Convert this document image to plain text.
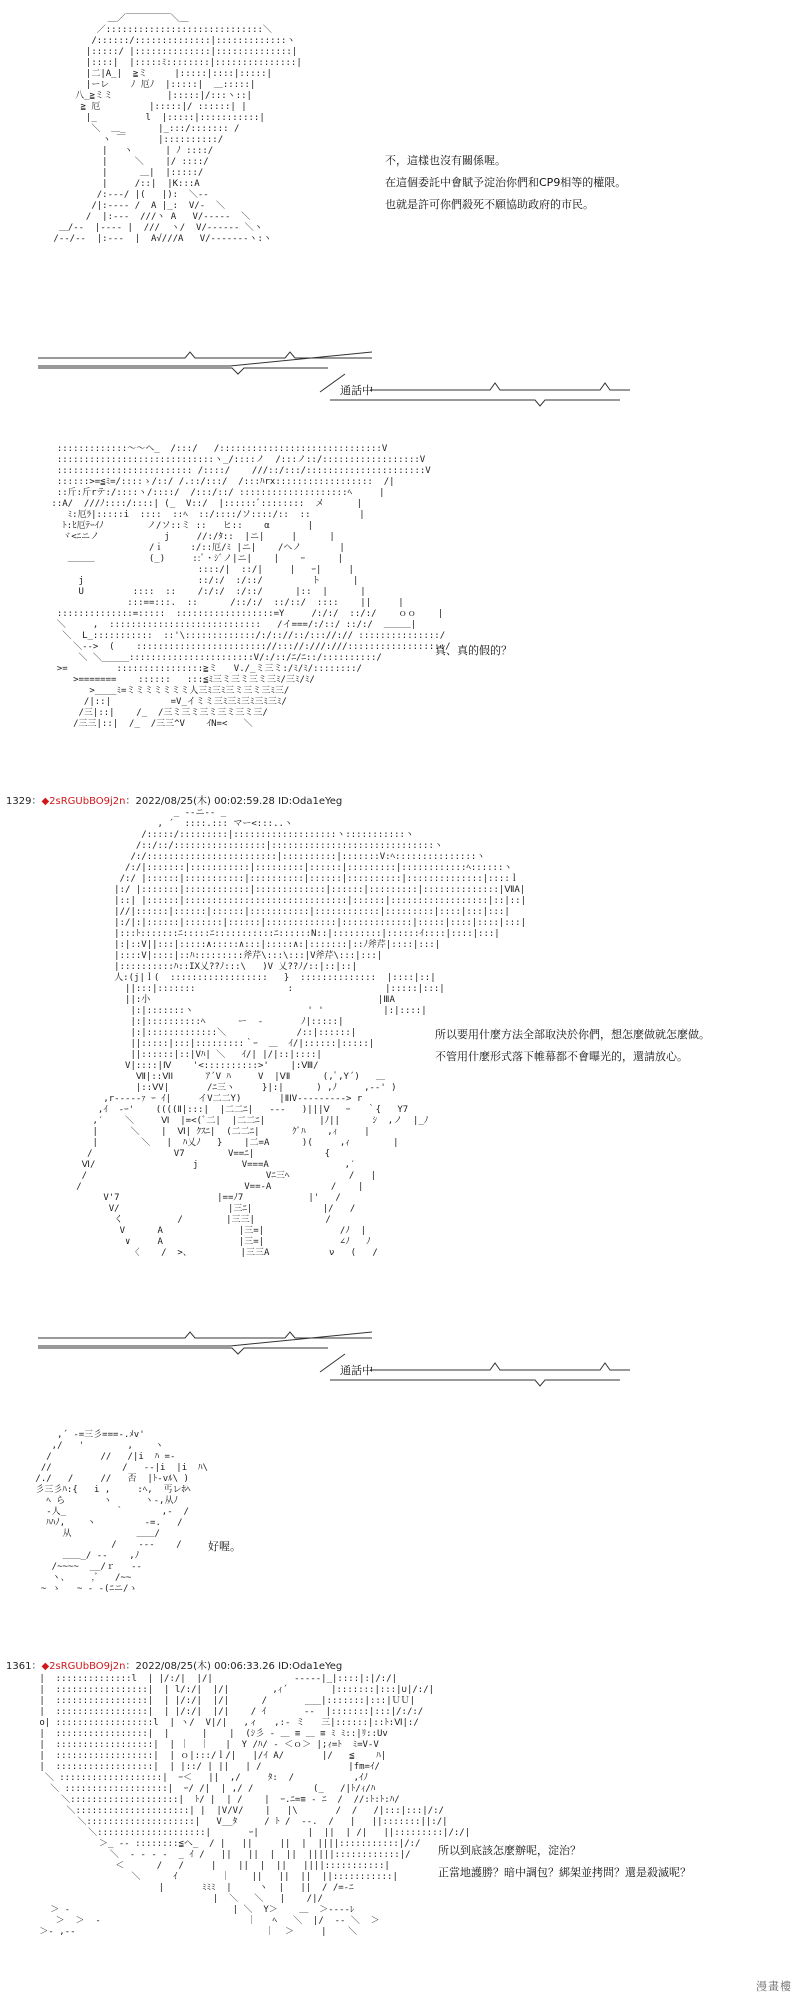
＿／￣￣￣￣￣＼＿
／:::::::::::::::::::::::::::::＼
/::::::/::::::::::::::|:::::::::::::ヽ
|:::::/ |::::::::::::::|::::::::::::::|
|::::|  |:::::ﾐ::::::::|:::::::::::::::|
|二|A_|  ≧ミ     |:::::|::::|:::::|
|ーレ    ﾉ 厄ﾉ  |:::::|  ＿:::::|
八_≧ミミ          |:::::|/:::ヽ::|
≧ 厄         |:::::|/ ::::::| |
|_         l  |:::::|:::::::::::|
＼  ＿_      |_:::/::::::: /
ヽ ￣      |::::::::::/
|   ヽ      | ﾉ ::::/
|     ＼    |/ ::::/
|      ＿|  |:::::/
|     /::|  |K:::A
/:---/ |(   |):  ＼--
/|:---- /  A |_:  V/-  ＼
/  |:---  ///ヽ A   V/-----  ＼
＿/--  |---- |  ///  ヽ/  V/------ ＼ヽ
/--/--  |:---  |  A√///A   V/-------ヽ:ヽ
不，這樣也沒有關係喔。
在這個委託中會賦予淀治你們和CP9相等的權限。
也就是許可你們殺死不願協助政府的市民。
通話中
:::::::::::::～～ヘ_  /:::/   /::::::::::::::::::::::::::::::V
:::::::::::::::::::::::::::::ヽ_/::::ノ  /:::ノ::/::::::::::::::::::V
::::::::::::::::::::::::: /::::/    ///::/:::/::::::::::::::::::::::V
::::::>=≦ﾐ=/::::ゝ/::/ /.::/:::/  /:::ﾊrx::::::::::::::::::  /|
::斤:斤rテ:/::::ヽ/::::/  /:::/::/ ::::::::::::::::::::ﾍ     |
::A/  ///ﾉ::::/::::| (_  V::/  |::::::ﾞ::::::::  メ      |
ﾐ:厄ﾗ|:::::i  ::::  ::ﾍ  ::/::::/ソ::::/::  ::         |
ﾄ:ﾋ厄ﾃｰｲﾉ        ノ/ソ::ミ ::   ヒ::    α       |
ヾ<ﾆニノ            j     //:/ﾀ::  |ニ|     |      |
/ｉ     :/::厄/ﾐ |ニ|    /ヘノ       |
＿＿＿          (_)     ::ﾟ・ｼﾞノ|ニ|    |    ｰ      |
::::/|  ::/|     |   ｰ|     |
j                     ::/:/  :/::/         ト      |
U         ::::  ::    /:/:/  :/::/      |::  |      |
:::==:::.  ::      /::/:/  ::/::/  ::::    ||     |
::::::::::::::=:::::  ::::::::::::::::::=Y     /:/:/  ::/:/    ｏｏ    |
＼     ,  ::::::::::::::::::::::::::::   /イ===/:/::/ ::/:/  ＿＿＿|
＼  L_:::::::::::  ::'\:::::::::::::/:/:://::/::://:// :::::::::::::::/
＼-->  (    :::::::::::::::::::::::://::://:///:///::::::::::::::::::/
＼ ＼_____:::::::::::::::::::::::V/:/::/ﾆ/ﾆ::/::::::::::/
>=         ::::::::::::::::≧ミ   V./_ミ三ミ:/ﾐ/ﾐ/::::::::/
>=======    ::::::   :::≦ﾐ三ミ三ミ三ミ三ﾐ/三ﾐ/ﾐ/
>____ﾐ=ミミミミミミミ人三ﾐ三ﾐ三ミ三ミ三ﾐ三/
/|::|           =V_イミミ三ﾐ三ﾐ三ﾐ三ﾐ三ﾐ/
/三|::|    /_  /三ミ三ミ三ミ三ミ三ミ三/
/三三|::|  /_  /三三^V    ｲN=<   ＼
真、真的假的？
1329：◆2sRGUbBO9j2n：2022/08/25(木) 00:02:59.28 ID:Oda1eYeg
_ -‐ニ‐- _
, ´  ::::.::: マー<:::..ヽ
/:::::/:::::::::|:::::::::::::::::::ヽ:::::::::::ヽ
/::/::/:::::::::::::::::|::::::::::::::::::::::::::::::ヽ
/:/::::::::::::::::::::::::|::::::::::|:::::::V:ﾍ:::::::::::::::ヽ
/:/|:::::::|:::::::::::|:::::::::|::::::|:::::::::|::::::::::::ﾍ::::::ヽ
/:/ |::::::|:::::::::::|::::::::::|::::::|::::::::::|::::::::::::::|::::ｌ
|:/ |:::::::|::::::::::::|:::::::::::::|::::::|:::::::::|::::::::::::::|ⅦA|
|::| |::::::|::::::::::::::::::::::::::::::|::::::|::::::::::::::::::|::|::|
|//|::::::|::::::|::::::|:::::::::::|::::::::::::|:::::::::|::::|:::|:::|
|:/|:|::::::|:::::::|::::::|:::::::::::::|:::::::::::::|:::::|::::|::::|:::|
|:::ﾄ:::::::ﾆ:::::ﾆ:::::::::::ﾆ::::::N::|:::::::::|::::::ｲ::::|::::|:::|
|:|::V||:::|:::::∧:::::∧:::|:::::∧:|:::::::|::ﾉ斧芹|::::|:::|
|::::V|::::|::ﾊ:::::::::斧芹\:::\:::|V斧芹\:::|:::|
|::::::::::ﾊ::IX乂??ﾉ:::\   )V 乂??ﾉ/::|::|::|
人:(j|ｌ(  ::::::::::::::::::   }  ::::::::::::::  |::::|::|
||:::|:::::::                 :                 |:::::|:::|
||:小                                          |ⅢA
|:|:::::::ヽ                     ' '           |:|::::|
|:|::::::::::ﾍ      ー  ‐       ﾉ|:::::|
|:|:::::::::::::＼             /::|::::::|
||:::::|:::|:::::::::｀ｰ  ＿  ｲ/|::::::|:::::|
||::::::|::|Vﾊ| ＼   ｲ/| |/|::|::::|
V|::::|Ⅳ    '<::::::::::>'    |:Ⅷ/
Ⅶ|::ⅥⅠ      ｱ´V ﾊ     V  |ⅤⅡ      (,ﾟ,Y´)   ＿
|::ⅤV|       /ﾆ三ヽ     }|:|      ) ,ﾉ     ,-‐' )
,r-‐‐‐‐ｧ ｰ ｲ|     イV二二Y)       |ⅡⅠV‐‐‐‐‐‐‐--> r
,ｲ  -ｰ'    ((((Ⅱ|:::|  |二二ﾆ|   ‐‐‐   )|||Ⅴ   ｰ   ｀{   Y7
,′    ＼     Ⅵ  |=<(ﾞ二|  |二二ﾆ|          |ﾉ||      ｼ  ,ノ  |_ﾉ
|      ＼    |  Ⅵ| ｸｽﾆ|  (二二ﾆ|      ｸﾞﾊ    ,ｨ     |
|        ＼   |  ﾊ乂ﾉ   }    |二=A      )(     ,ｨ        |
/               V7        V==ﾆ|             {
Ⅵ/                  j        V===A              ,′
/                                 Vﾆ三ﾍ           /   |
/                              V==-A           /    |
V'7                  |==ﾉ7            |'   /
V/                    |三ﾆ|             |/   /
く          /        |三三|             /
V      A              |三=|              /ﾉ  |
∨     A              |三=|              ∠ﾉ   ﾉ
〈    /  >、         |三三A           ν   (   /
所以要用什麼方法全部取決於你們，想怎麼做就怎麼做。
不管用什麼形式落下帷幕都不會曝光的，還請放心。
通話中
,´ ‐=三彡===-.ﾒv'
,/   '        ,    ヽ
/         //   /|i  ﾊ =-
//             /   --|i  |i  ﾊ\
/./   /     //   否  |ﾄ‐vﾙ\ )
彡三彡ﾊ:{   i ,     :ﾍ,  丐レﾎﾍ
ﾍ ら       ヽ      ヽ‐,从ﾉ
-人_         ｀       ,-  /
ﾊﾊﾉ,    ヽ         -=.   /
从            ＿＿/
/    ---    /
＿＿_/ ‐‐    ,ﾉ
/~~~~  __/ｒ   ‐‐
ヽ、    ,ﾞ   /~~
~ ゝ   ~ ‐ ‐(ﾆニ/ゝ
好喔。
1361：◆2sRGUbBO9j2n：2022/08/25(木) 00:06:33.26 ID:Oda1eYeg
|  ::::::::::::::l  | |/:/|  |/|               ‐‐‐‐‐|_|::::|:|/:/|
|  :::::::::::::::::|  | l/:/|  |/|        ,ｨ´        |:::::::|:::|∪|/:/|
|  :::::::::::::::::|  | |/:/|  |/|      /       ___|:::::::|:::|ＵＵ|
|  :::::::::::::::::|  | |/:/|  |/|    / ｲ       ‐‐  |:::::::|:::|/:/:/
o| ::::::::::::::::::l  | ヽ/  V|/|   ,ィ   ,:‐ ミ   三|::::::|::ﾄ:Ⅵ|:/
|  :::::::::::::::::|  |      |    |  (ｼ彡 ‐ ＿ ≡ ＿ ≡ ﾐ ﾐ::|ﾘ::Uv
|  ::::::::::::::::::|  | ｜  ｜   |  Y /ﾊ/ ‐ ＜ｏ＞ |;ｨ=ﾄ  ﾐ=V-V
|  ::::::::::::::::::|  | ｏ|:::/ｌ/|   |/ｲ A/       |/   ≦    ﾊ|
|  ::::::::::::::::::|  | |::/ | ||   | /                |fm=ｲ/
＼ :::::::::::::::::::|  ｰ＜   ||  ,/     ﾀ:  /           ,ｲﾉ
＼ :::::::::::::::::::|  ｰ/ /|  | ,/ /           (_   /|ﾄ/ｨ/ﾊ
＼::::::::::::::::::::|  ﾄ/ |  | /    |  ｰ.ﾆ=≡ ‐ ﾆ  /  //:ﾄ:ﾄ:ﾊ/
＼:::::::::::::::::::::| |  |V/V/    |   |\       /  /   /|:::|:::|/:/
＼::::::::::::::::::::|   V__ﾀ     / ﾄ /  ‐‐.  /   |   ||:::::::||:/|
＼::::::::::::::::::::|       ｰ|         |  ||  | /|   ||:::::::::|/:/|
＞_ ‐‐ ::::::::≦ヘ_  / |   ||     ||  |  ||||:::::::::::|/:/
＼  ‐ ‐ ‐ ‐  _ ｲ /   ||   ||  |  ||  |||||::::::::::::|/
＜      /   /     |    ||  |  ||   ||||:::::::::::|
＼      ｲ        ｜    ||   ||  ||  ||:::::::::::|
|       ﾐﾐﾐ  |     ヽ  |   ||  / /=‐ﾆ
|  ＼   ＼   |    /|/
＞ ‐                              | ＼  Y＞    ＿  ＞‐‐‐‐ﾚ
＞  ＞  ‐                           ｜   ﾍ   ＼  |/  ‐‐ ＼  ＞
＞‐ ,‐‐                                   ｜  ＞     |    ＼
所以到底該怎麼辦呢，淀治？
正當地護勝？暗中調包？綁架並拷問？還是殺滅呢？
漫畫樓
